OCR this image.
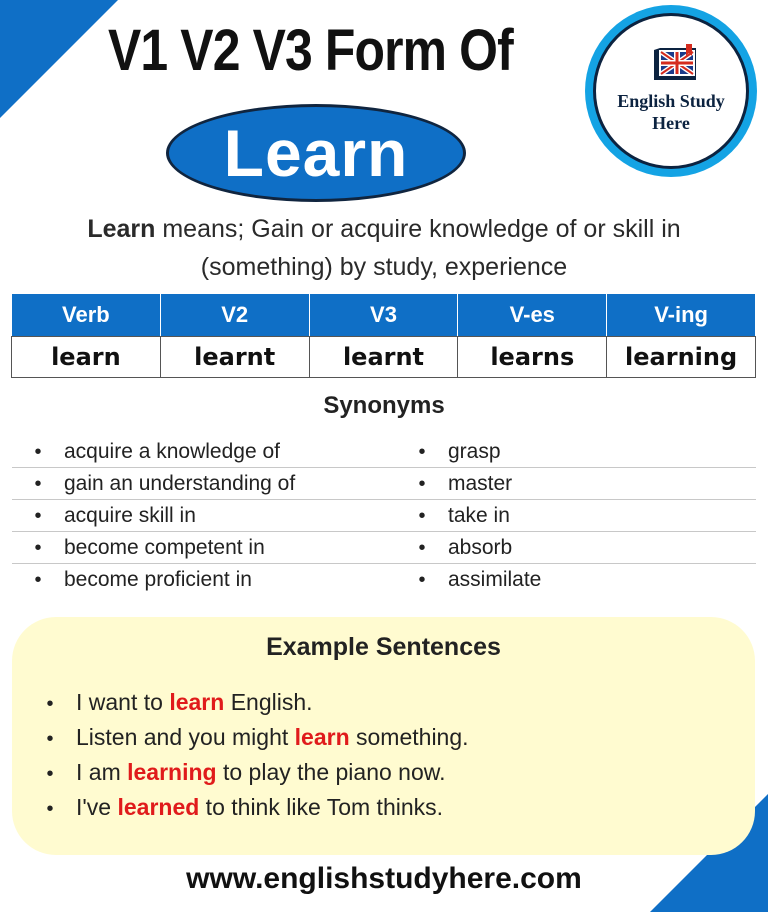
V1 V2 V3 Form Of
Learn
English Study
Here
Learn means; Gain or acquire knowledge of or skill in (something) by study, experience
Verb	V2	V3	V-es	V-ing
learn	learnt	learnt	learns	learning
Synonyms
• acquire a knowledge of	• grasp
• gain an understanding of	• master
• acquire skill in	• take in
• become competent in	• absorb
• become proficient in	• assimilate
Example Sentences
• I want to learn English.
• Listen and you might learn something.
• I am learning to play the piano now.
• I've learned to think like Tom thinks.
www.englishstudyhere.com
